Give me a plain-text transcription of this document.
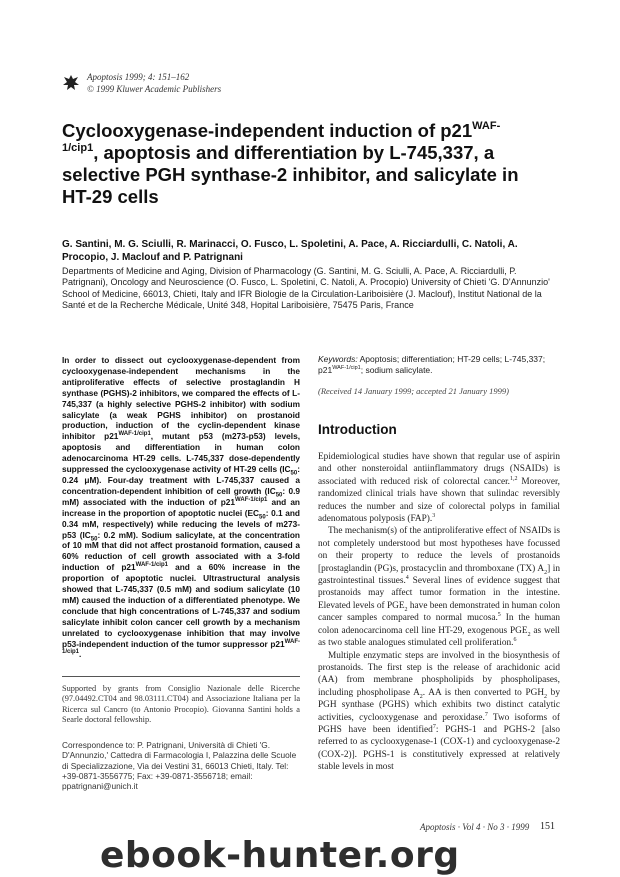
Apoptosis 1999; 4: 151–162
© 1999 Kluwer Academic Publishers
Cyclooxygenase-independent induction of $p21^{WAF-1/cip1}$, apoptosis and differentiation by L-745,337, a selective PGH synthase-2 inhibitor, and salicylate in HT-29 cells
G. Santini, M. G. Sciulli, R. Marinacci, O. Fusco, L. Spoletini, A. Pace, A. Ricciardulli, C. Natoli, A. Procopio, J. Maclouf and P. Patrignani
Departments of Medicine and Aging, Division of Pharmacology (G. Santini, M. G. Sciulli, A. Pace, A. Ricciardulli, P. Patrignani), Oncology and Neuroscience (O. Fusco, L. Spoletini, C. Natoli, A. Procopio) University of Chieti 'G. D'Annunzio' School of Medicine, 66013, Chieti, Italy and IFR Biologie de la Circulation-Lariboisière (J. Maclouf), Institut National de la Santé et de la Recherche Médicale, Unité 348, Hopital Lariboisière, 75475 Paris, France
In order to dissect out cyclooxygenase-dependent from cyclooxygenase-independent mechanisms in the antiproliferative effects of selective prostaglandin H synthase (PGHS)-2 inhibitors, we compared the effects of L-745,337 (a highly selective PGHS-2 inhibitor) with sodium salicylate (a weak PGHS inhibitor) on prostanoid production, induction of the cyclin-dependent kinase inhibitor $p21^{WAF-1/cip1}$, mutant p53 (m273-p53) levels, apoptosis and differentiation in human colon adenocarcinoma HT-29 cells. L-745,337 dose-dependently suppressed the cyclooxygenase activity of HT-29 cells ($IC_{50}$: 0.24 μM). Four-day treatment with L-745,337 caused a concentration-dependent inhibition of cell growth ($IC_{50}$: 0.9 mM) associated with the induction of $p21^{WAF-1/cip1}$ and an increase in the proportion of apoptotic nuclei ($EC_{50}$: 0.1 and 0.34 mM, respectively) while reducing the levels of m273-p53 ($IC_{50}$: 0.2 mM). Sodium salicylate, at the concentration of 10 mM that did not affect prostanoid formation, caused a 60% reduction of cell growth associated with a 3-fold induction of $p21^{WAF-1/cip1}$ and a 60% increase in the proportion of apoptotic nuclei. Ultrastructural analysis showed that L-745,337 (0.5 mM) and sodium salicylate (10 mM) caused the induction of a differentiated phenotype. We conclude that high concentrations of L-745,337 and sodium salicylate inhibit colon cancer cell growth by a mechanism unrelated to cyclooxygenase inhibition that may involve p53-independent induction of the tumor suppressor $p21^{WAF-1/cip1}$.
Supported by grants from Consiglio Nazionale delle Ricerche (97.04492.CT04 and 98.03111.CT04) and Associazione Italiana per la Ricerca sul Cancro (to Antonio Procopio). Giovanna Santini holds a Searle doctoral fellowship.
Correspondence to: P. Patrignani, Università di Chieti 'G. D'Annunzio,' Cattedra di Farmacologia I, Palazzina delle Scuole di Specializzazione, Via dei Vestini 31, 66013 Chieti, Italy. Tel: +39-0871-3556775; Fax: +39-0871-3556718; email: ppatrignani@unich.it
Keywords: Apoptosis; differentiation; HT-29 cells; L-745,337; $p21^{WAF-1/cip1}$; sodium salicylate.
(Received 14 January 1999; accepted 21 January 1999)
Introduction

Epidemiological studies have shown that regular use of aspirin and other nonsteroidal antiinflammatory drugs (NSAIDs) is associated with reduced risk of colorectal cancer.$^{1,2}$ Moreover, randomized clinical trials have shown that sulindac reversibly reduces the number and size of colorectal polyps in familial adenomatous polyposis (FAP).$^3$

The mechanism(s) of the antiproliferative effect of NSAIDs is not completely understood but most hypotheses have focussed on their property to reduce the levels of prostanoids [prostaglandin (PG)s, prostacyclin and thromboxane (TX) $A_2$] in gastrointestinal tissues.$^4$ Several lines of evidence suggest that prostanoids may affect tumor formation in the intestine. Elevated levels of $PGE_2$ have been demonstrated in human colon cancer samples compared to normal mucosa.$^5$ In the human colon adenocarcinoma cell line HT-29, exogenous $PGE_2$ as well as two stable analogues stimulated cell proliferation.$^6$

Multiple enzymatic steps are involved in the biosynthesis of prostanoids. The first step is the release of arachidonic acid (AA) from membrane phospholipids by phospholipases, including phospholipase $A_2$. AA is then converted to $PGH_2$ by PGH synthase (PGHS) which exhibits two distinct catalytic activities, cyclooxygenase and peroxidase.$^7$ Two isoforms of PGHS have been identified$^7$: PGHS-1 and PGHS-2 [also referred to as cyclooxygenase-1 (COX-1) and cyclooxygenase-2 (COX-2)]. PGHS-1 is constitutively expressed at relatively stable levels in most

Apoptosis · Vol 4 · No 3 · 1999 151
ebook-hunter.org
